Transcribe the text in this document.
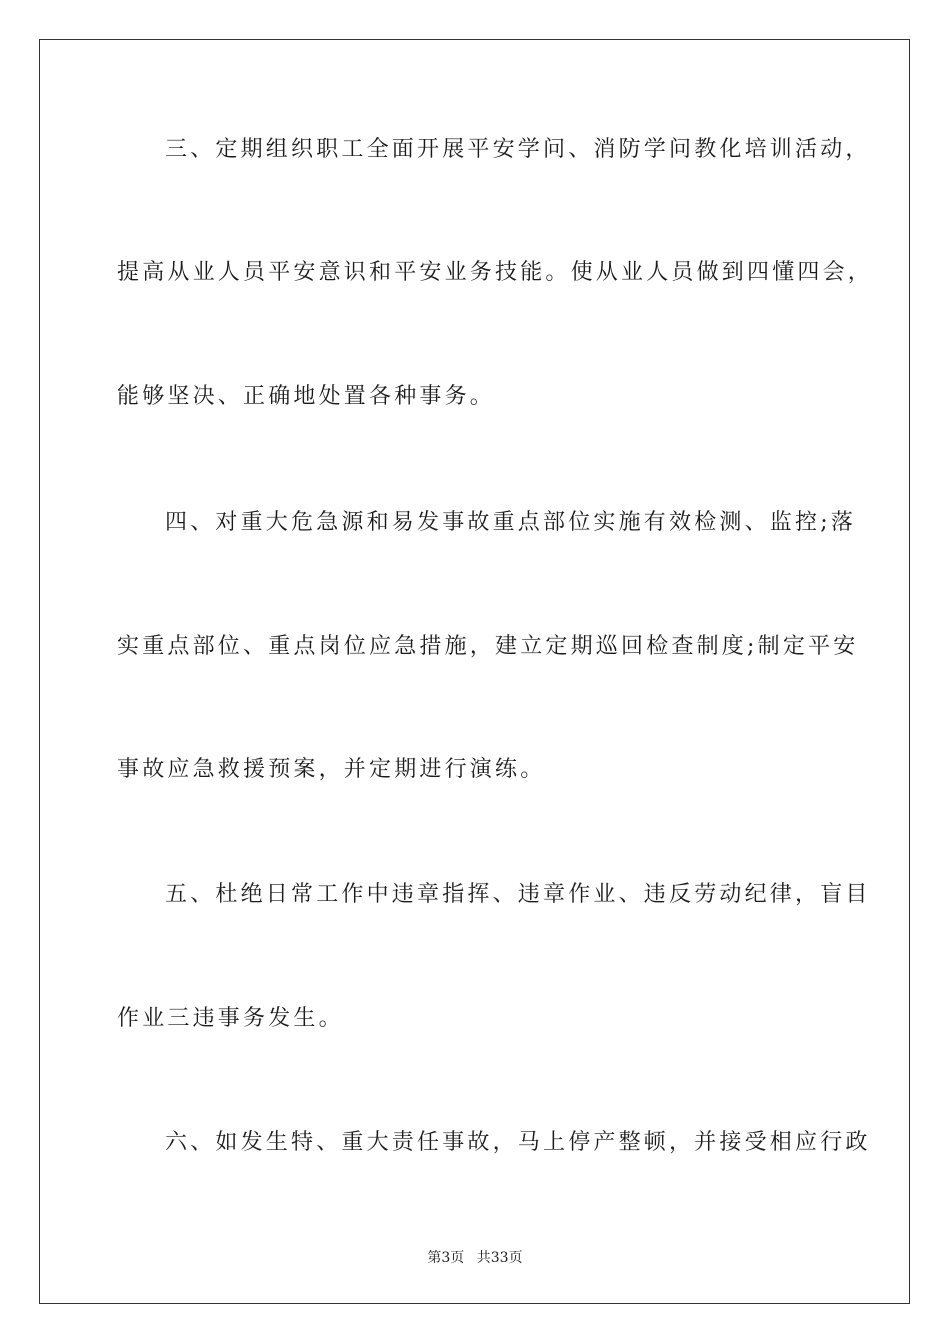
三、定期组织职工全面开展平安学问、消防学问教化培训活动，
提高从业人员平安意识和平安业务技能。使从业人员做到四懂四会，
能够坚决、正确地处置各种事务。
四、对重大危急源和易发事故重点部位实施有效检测、监控;落
实重点部位、重点岗位应急措施，建立定期巡回检查制度;制定平安
事故应急救援预案，并定期进行演练。
五、杜绝日常工作中违章指挥、违章作业、违反劳动纪律，盲目
作业三违事务发生。
六、如发生特、重大责任事故，马上停产整顿，并接受相应行政
第3页 共33页
